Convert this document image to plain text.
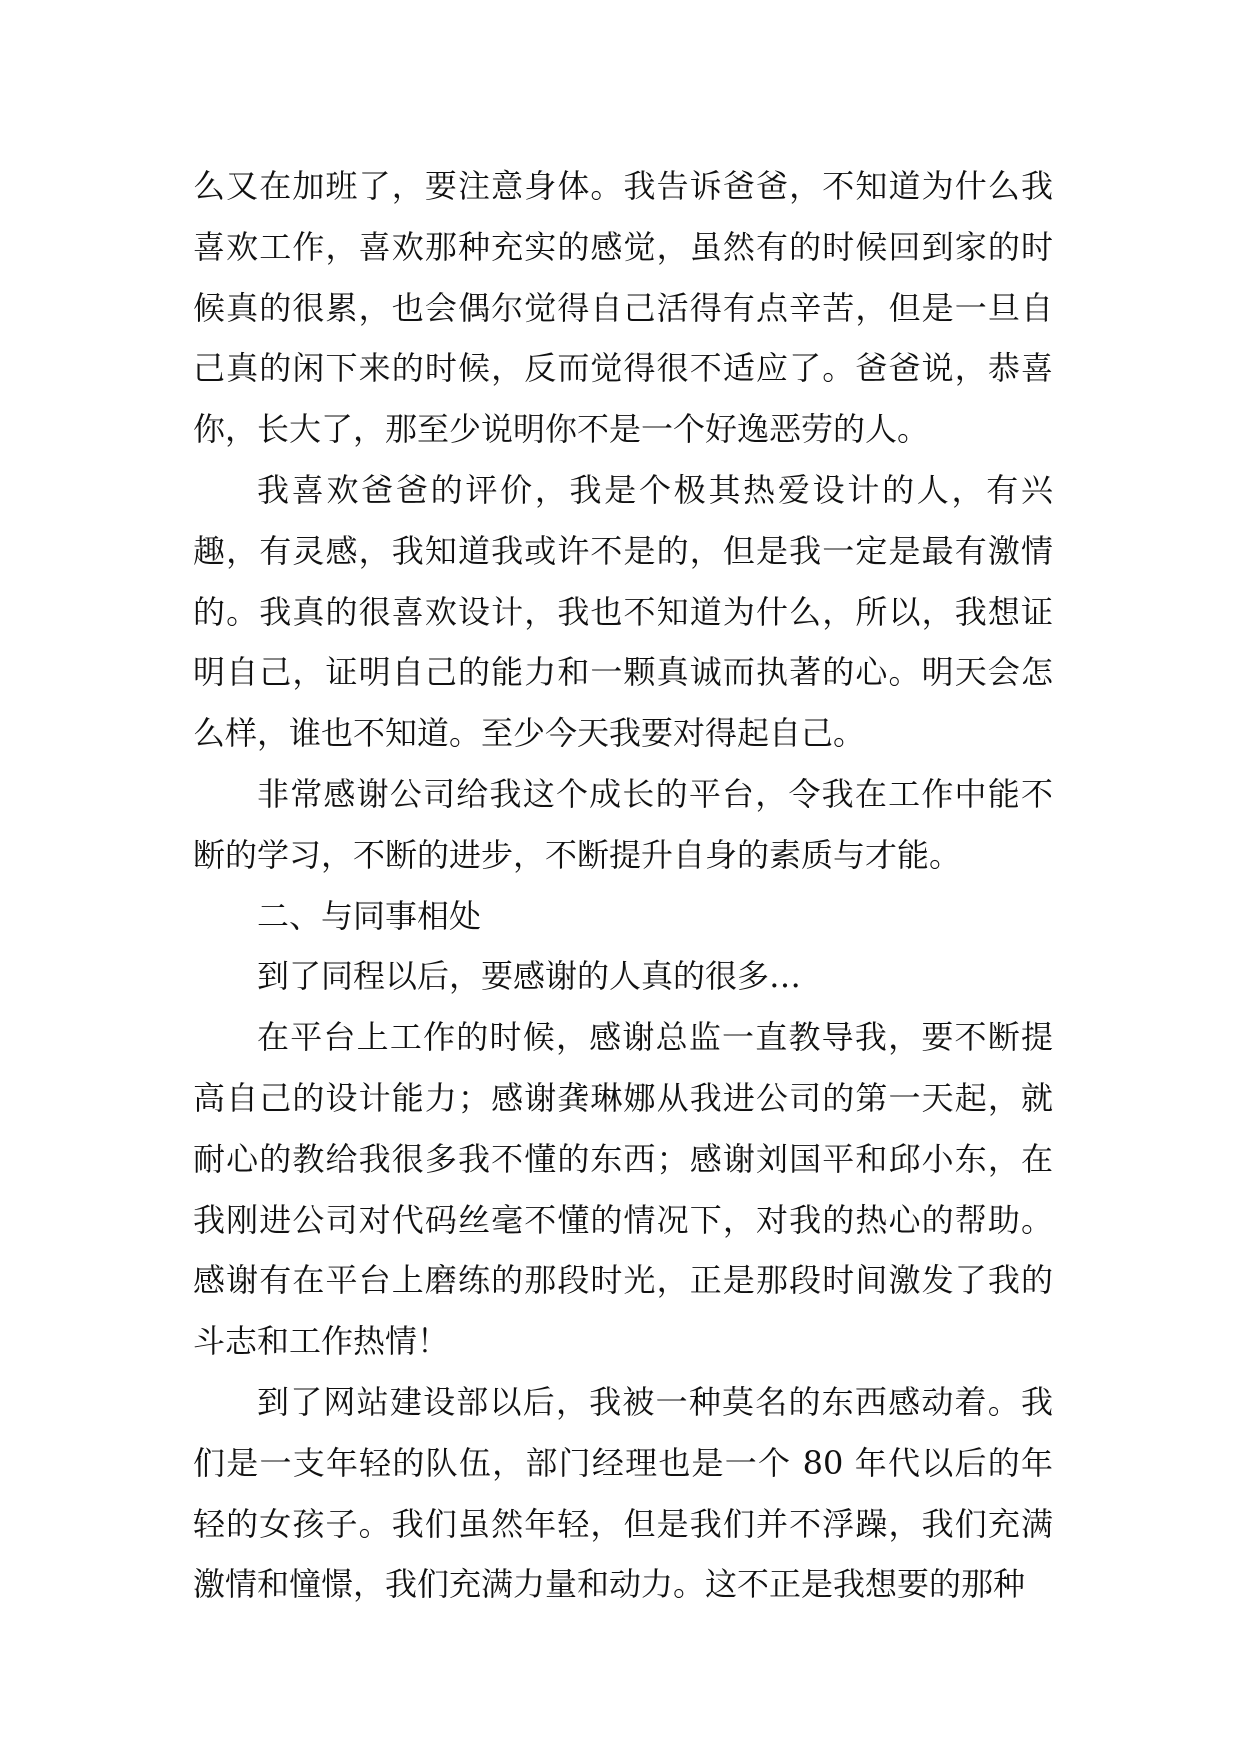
么又在加班了，要注意身体。我告诉爸爸，不知道为什么我喜欢工作，喜欢那种充实的感觉，虽然有的时候回到家的时候真的很累，也会偶尔觉得自己活得有点辛苦，但是一旦自己真的闲下来的时候，反而觉得很不适应了。爸爸说，恭喜你，长大了，那至少说明你不是一个好逸恶劳的人。

我喜欢爸爸的评价，我是个极其热爱设计的人，有兴趣，有灵感，我知道我或许不是的，但是我一定是最有激情的。我真的很喜欢设计，我也不知道为什么，所以，我想证明自己，证明自己的能力和一颗真诚而执著的心。明天会怎么样，谁也不知道。至少今天我要对得起自己。

非常感谢公司给我这个成长的平台，令我在工作中能不断的学习，不断的进步，不断提升自身的素质与才能。

二、与同事相处

到了同程以后，要感谢的人真的很多…

在平台上工作的时候，感谢总监一直教导我，要不断提高自己的设计能力；感谢龚琳娜从我进公司的第一天起，就耐心的教给我很多我不懂的东西；感谢刘国平和邱小东，在我刚进公司对代码丝毫不懂的情况下，对我的热心的帮助。感谢有在平台上磨练的那段时光，正是那段时间激发了我的斗志和工作热情！

到了网站建设部以后，我被一种莫名的东西感动着。我们是一支年轻的队伍，部门经理也是一个 80 年代以后的年轻的女孩子。我们虽然年轻，但是我们并不浮躁，我们充满激情和憧憬，我们充满力量和动力。这不正是我想要的那种
